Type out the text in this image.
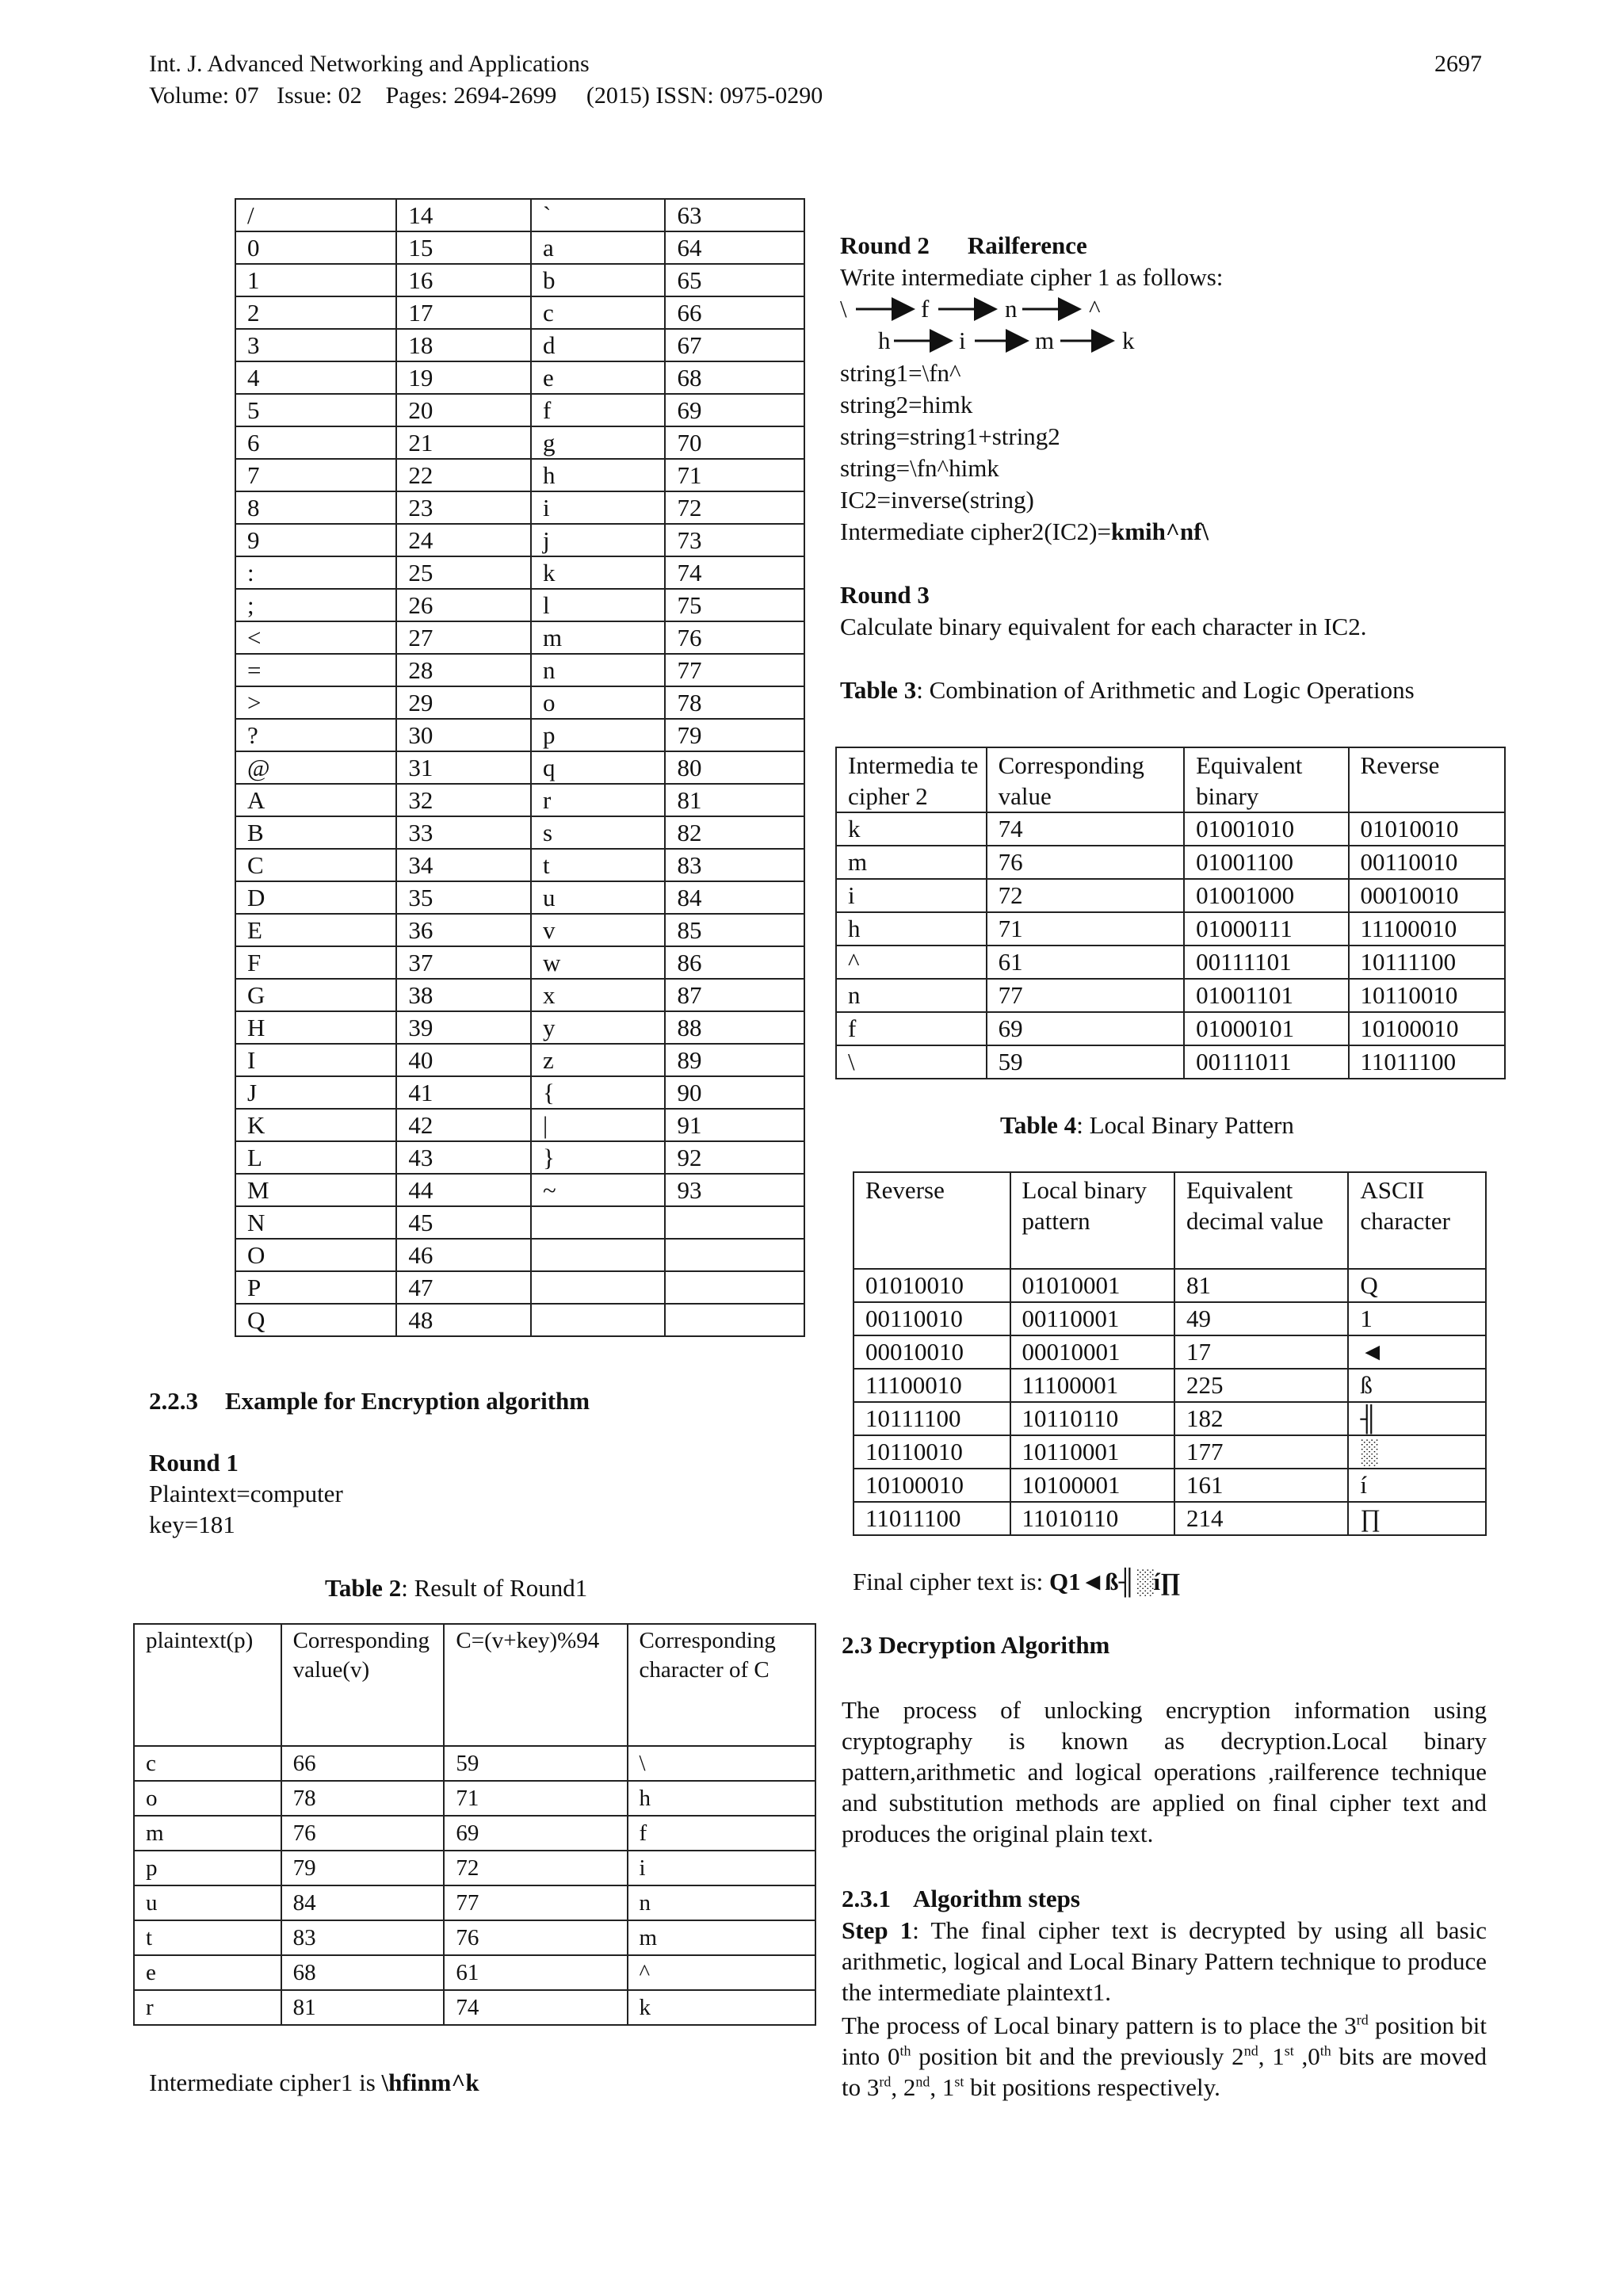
Int. J. Advanced Networking and Applications	2697
Volume: 07   Issue: 02    Pages: 2694-2699     (2015) ISSN: 0975-0290
/	14	`	63
0	15	a	64
1	16	b	65
2	17	c	66
3	18	d	67
4	19	e	68
5	20	f	69
6	21	g	70
7	22	h	71
8	23	i	72
9	24	j	73
:	25	k	74
;	26	l	75
<	27	m	76
=	28	n	77
>	29	o	78
?	30	p	79
@	31	q	80
A	32	r	81
B	33	s	82
C	34	t	83
D	35	u	84
E	36	v	85
F	37	w	86
G	38	x	87
H	39	y	88
I	40	z	89
J	41	{	90
K	42	|	91
L	43	}	92
M	44	~	93
N	45		
O	46		
P	47		
Q	48		
2.2.3 Example for Encryption algorithm
Round 1
Plaintext=computer
key=181
Table 2: Result of Round1
plaintext(p)	Corresponding value(v)	C=(v+key)%94	Corresponding character of C
c	66	59	\
o	78	71	h
m	76	69	f
p	79	72	i
u	84	77	n
t	83	76	m
e	68	61	^
r	81	74	k
Intermediate cipher1 is \hfinm^k
Round 2 Railference
Write intermediate cipher 1 as follows:
\	f	n	^
h	i	m	k
string1=\fn^
string2=himk
string=string1+string2
string=\fn^himk
IC2=inverse(string)
Intermediate cipher2(IC2)=kmih^nf\
Round 3
Calculate binary equivalent for each character in IC2.
Table 3: Combination of Arithmetic and Logic Operations
Intermedia te cipher 2	Corresponding value	Equivalent binary	Reverse
k	74	01001010	01010010
m	76	01001100	00110010
i	72	01001000	00010010
h	71	01000111	11100010
^	61	00111101	10111100
n	77	01001101	10110010
f	69	01000101	10100010
\	59	00111011	11011100
Table 4: Local Binary Pattern
Reverse	Local binary pattern	Equivalent decimal value	ASCII character
01010010	01010001	81	Q
00110010	00110001	49	1
00010010	00010001	17	◄
11100010	11100001	225	ß
10111100	10110110	182	╢
10110010	10110001	177	░
10100010	10100001	161	í
11011100	11010110	214	∏
Final cipher text is: Q1◄ß╢░í∏
2.3 Decryption Algorithm
The process of unlocking encryption information using cryptography is known as decryption.Local binary pattern,arithmetic and logical operations ,railference technique and substitution methods are applied on final cipher text and produces the original plain text.
2.3.1 Algorithm steps
Step 1: The final cipher text is decrypted by using all basic arithmetic, logical and Local Binary Pattern technique to produce the intermediate plaintext1.
The process of Local binary pattern is to place the 3rd position bit into 0th position bit and the previously 2nd, 1st ,0th bits are moved to 3rd, 2nd, 1st bit positions respectively.
